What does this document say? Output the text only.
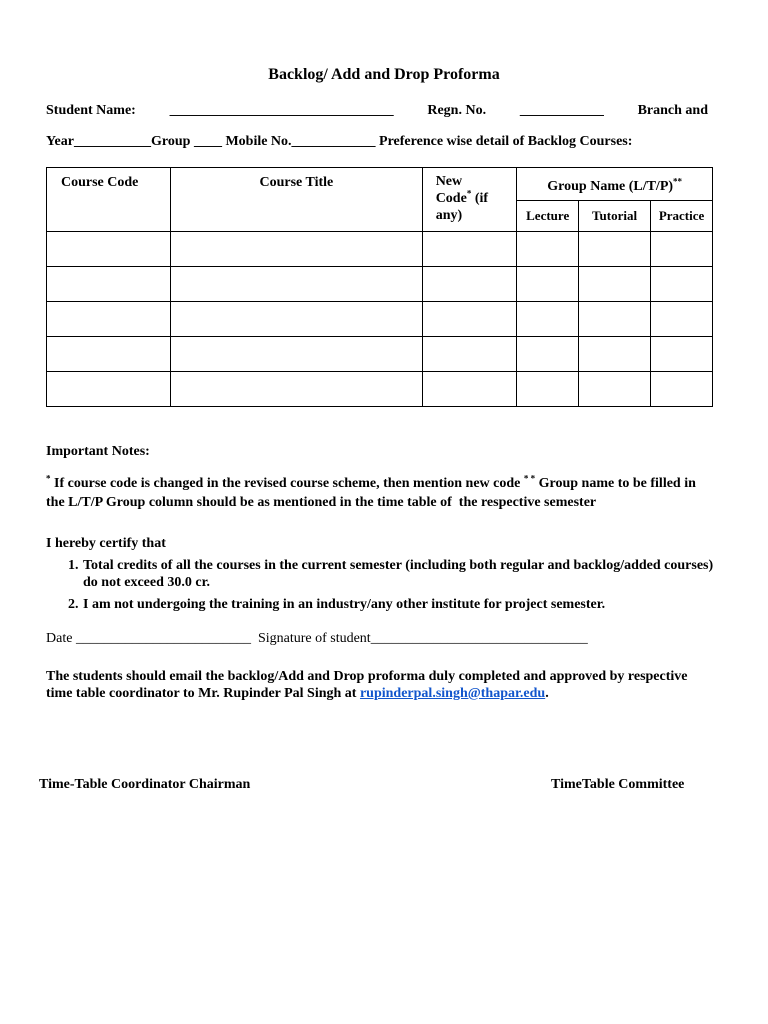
Backlog/ Add and Drop Proforma
Student Name: ________________________________ Regn. No. ____________ Branch and
Year___________Group ____ Mobile No.____________ Preference wise detail of Backlog Courses:
Course Code	Course Title	New
Code* (if
any)	Group Name (L/T/P)**
			Lecture	Tutorial	Practice

Important Notes:
* If course code is changed in the revised course scheme, then mention new code * * Group name to be filled in the L/T/P Group column should be as mentioned in the time table of  the respective semester
I hereby certify that
1. Total credits of all the courses in the current semester (including both regular and backlog/added courses) do not exceed 30.0 cr.
2. I am not undergoing the training in an industry/any other institute for project semester.
Date _________________________  Signature of student_______________________________
The students should email the backlog/Add and Drop proforma duly completed and approved by respective time table coordinator to Mr. Rupinder Pal Singh at rupinderpal.singh@thapar.edu.
Time-Table Coordinator Chairman	TimeTable Committee
